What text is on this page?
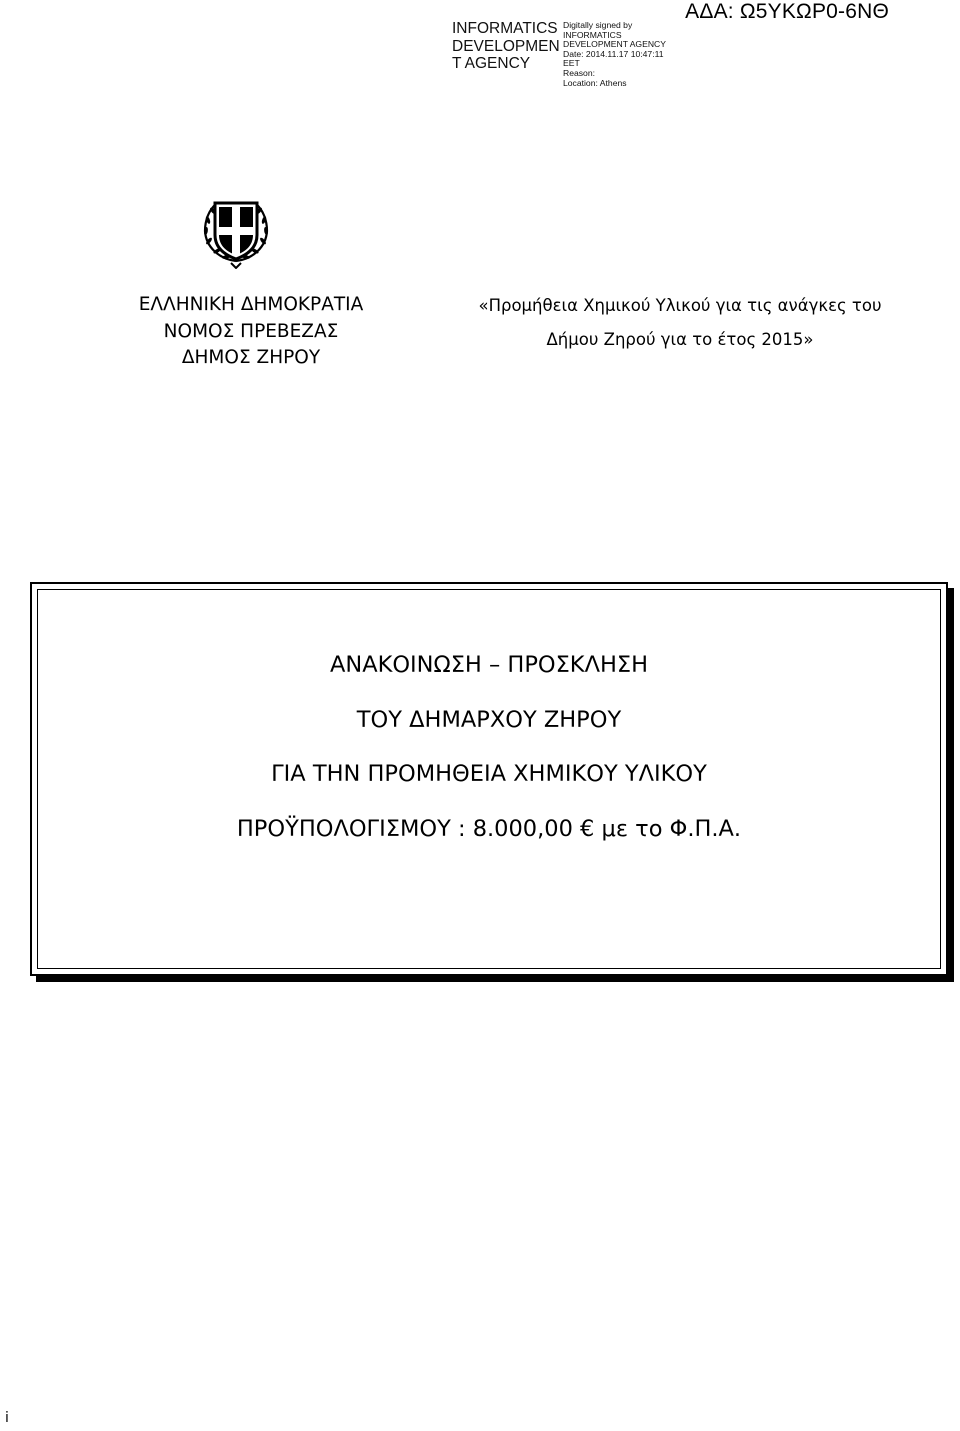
INFORMATICS
DEVELOPMEN
T AGENCY
Digitally signed by
INFORMATICS
DEVELOPMENT AGENCY
Date: 2014.11.17 10:47:11
EET
Reason:
Location: Athens
ΑΔΑ: Ω5ΥΚΩΡ0-6ΝΘ
ΕΛΛΗΝΙΚΗ ΔΗΜΟΚΡΑΤΙΑ
ΝΟΜΟΣ ΠΡΕΒΕΖΑΣ
ΔΗΜΟΣ ΖΗΡΟΥ
«Προμήθεια Χημικού Υλικού για τις ανάγκες του
Δήμου Ζηρού για το έτος 2015»
ΑΝΑΚΟΙΝΩΣΗ – ΠΡΟΣΚΛΗΣΗ
ΤΟΥ ΔΗΜΑΡΧΟΥ ΖΗΡΟΥ
ΓΙΑ ΤΗΝ ΠΡΟΜΗΘΕΙΑ ΧΗΜΙΚΟΥ ΥΛΙΚΟΥ
ΠΡΟΫΠΟΛΟΓΙΣΜΟΥ : 8.000,00 € με το Φ.Π.Α.
i
